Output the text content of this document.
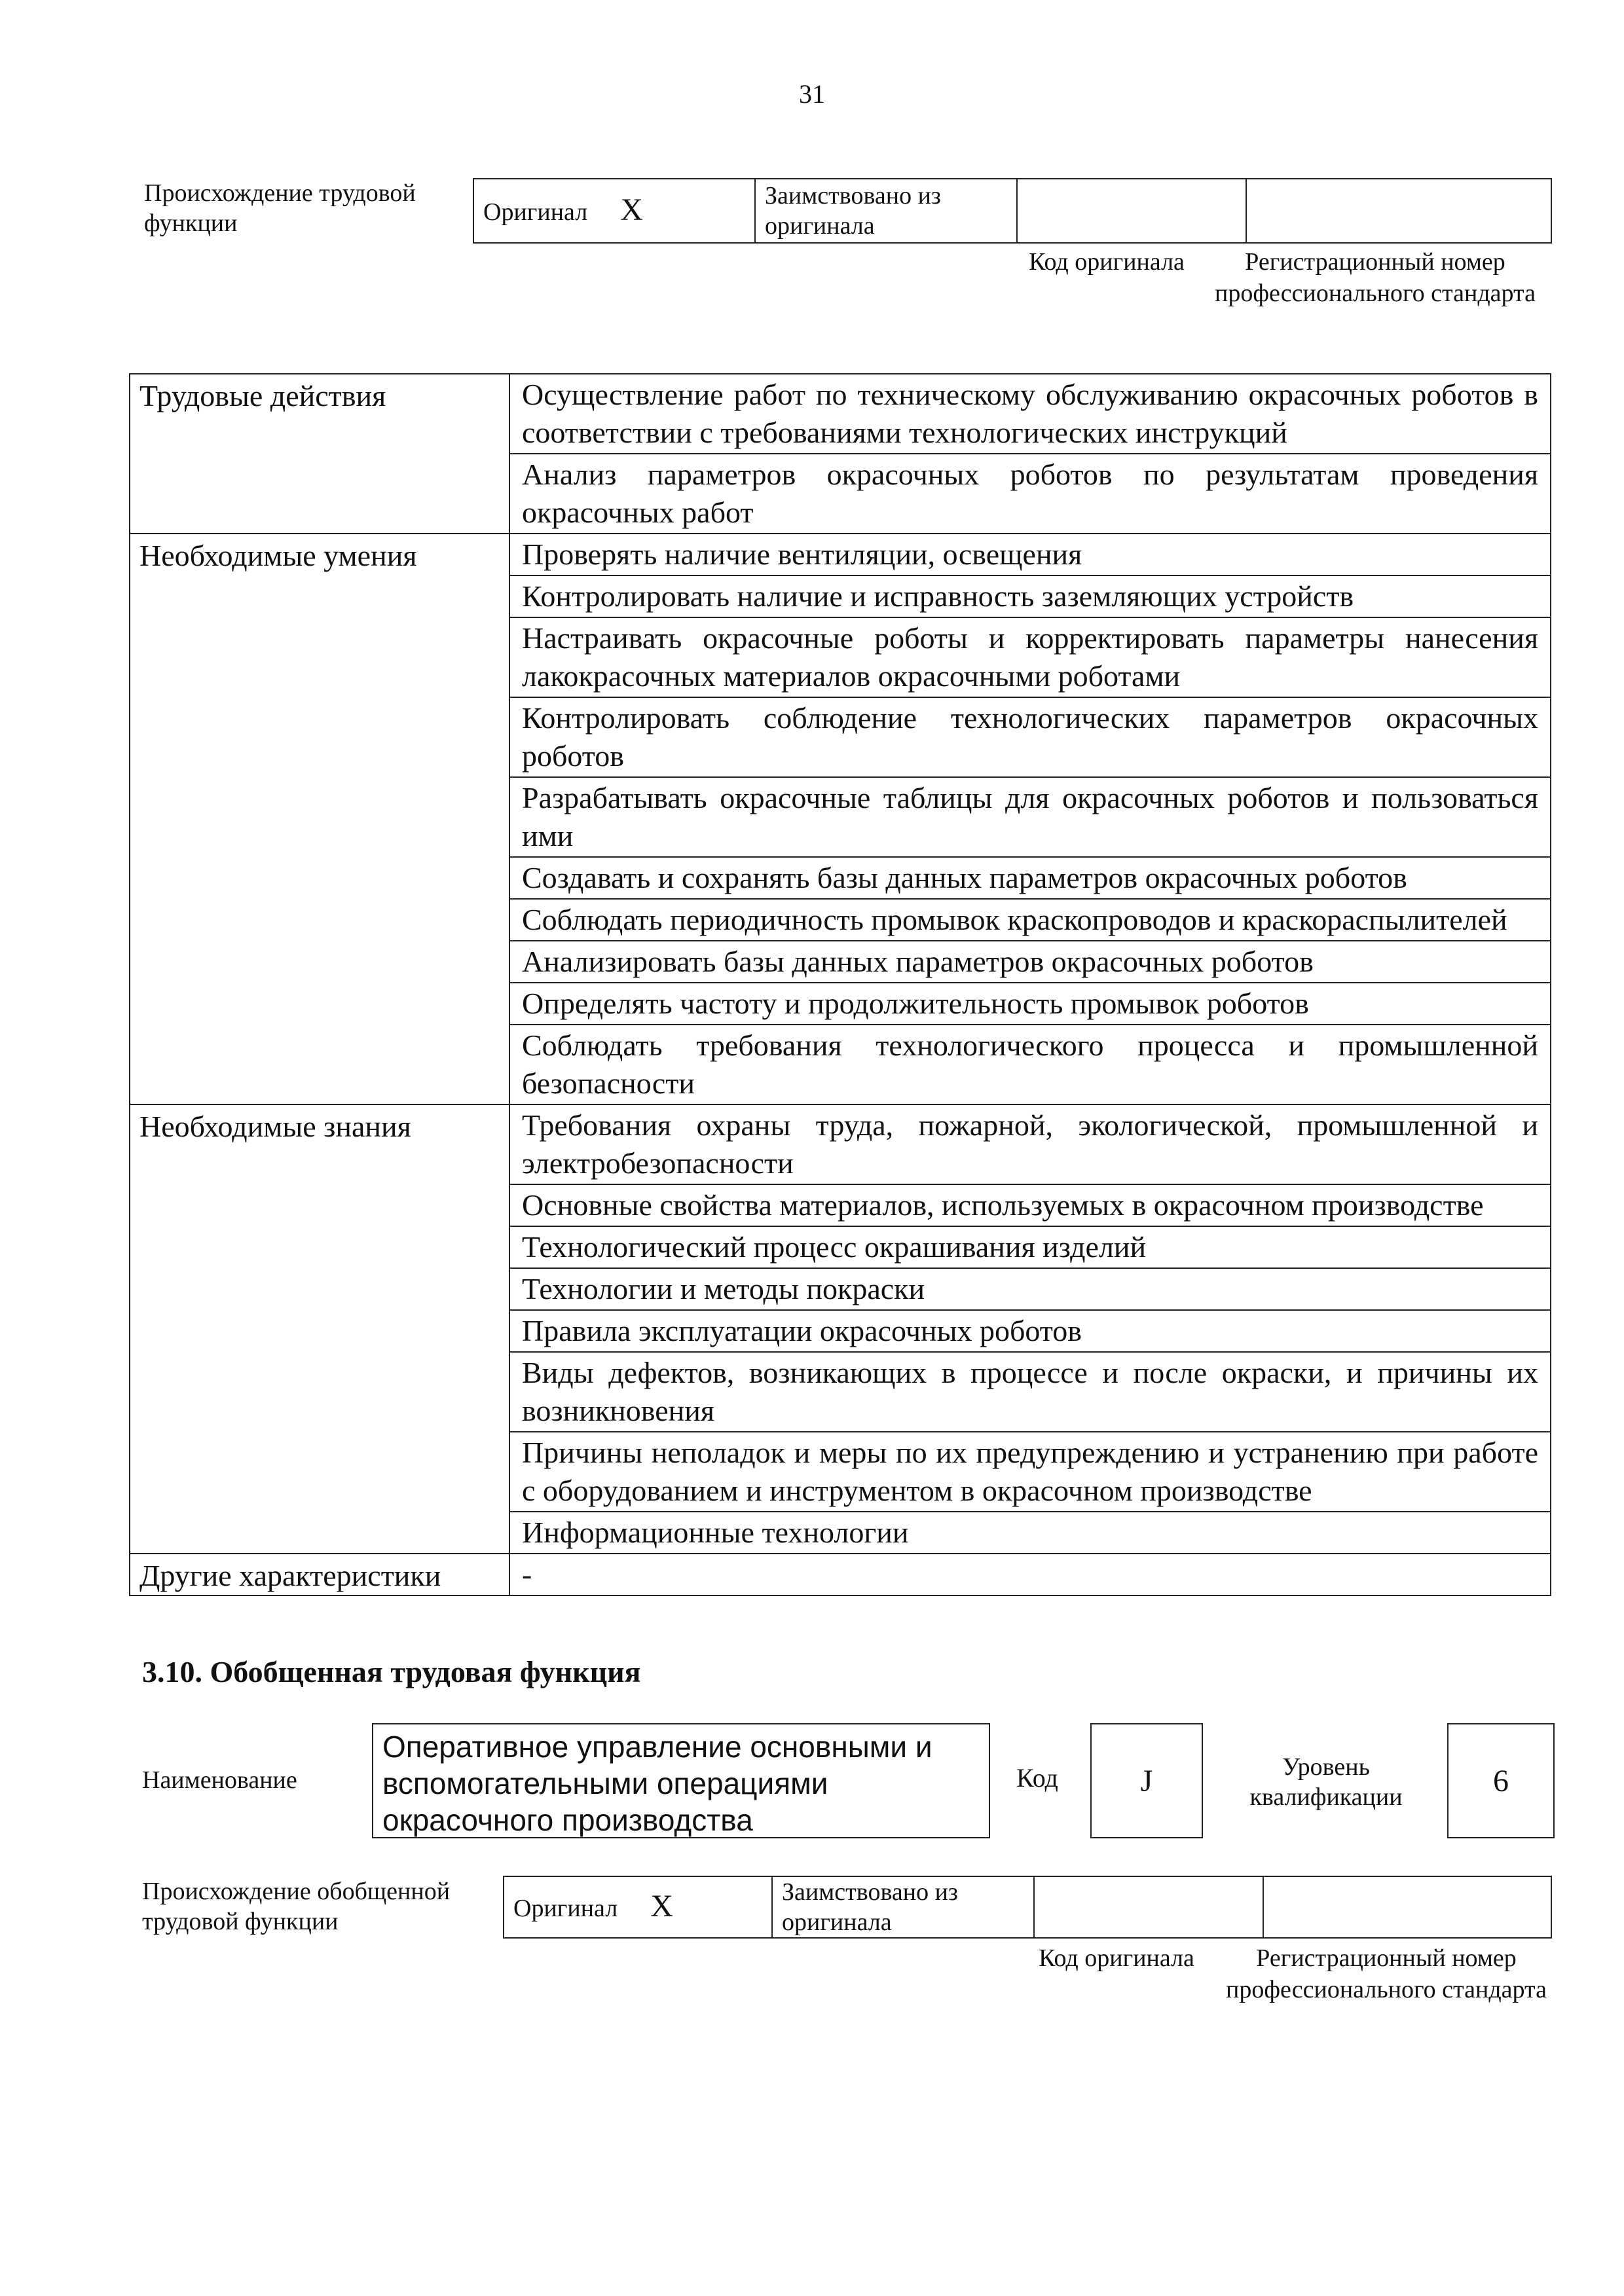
31
Происхождение трудовой функции	Оригинал X	Заимствовано из оригинала		
Код оригинала	Регистрационный номер профессионального стандарта
Трудовые действия	Осуществление работ по техническому обслуживанию окрасочных роботов в соответствии с требованиями технологических инструкций
	Анализ параметров окрасочных роботов по результатам проведения окрасочных работ
Необходимые умения	Проверять наличие вентиляции, освещения
	Контролировать наличие и исправность заземляющих устройств
	Настраивать окрасочные роботы и корректировать параметры нанесения лакокрасочных материалов окрасочными роботами
	Контролировать соблюдение технологических параметров окрасочных роботов
	Разрабатывать окрасочные таблицы для окрасочных роботов и пользоваться ими
	Создавать и сохранять базы данных параметров окрасочных роботов
	Соблюдать периодичность промывок краскопроводов и краскораспылителей
	Анализировать базы данных параметров окрасочных роботов
	Определять частоту и продолжительность промывок роботов
	Соблюдать требования технологического процесса и промышленной безопасности
Необходимые знания	Требования охраны труда, пожарной, экологической, промышленной и электробезопасности
	Основные свойства материалов, используемых в окрасочном производстве
	Технологический процесс окрашивания изделий
	Технологии и методы покраски
	Правила эксплуатации окрасочных роботов
	Виды дефектов, возникающих в процессе и после окраски, и причины их возникновения
	Причины неполадок и меры по их предупреждению и устранению при работе с оборудованием и инструментом в окрасочном производстве
	Информационные технологии
Другие характеристики	-
3.10. Обобщенная трудовая функция
Наименование
Оперативное управление основными и вспомогательными операциями окрасочного производства
Код	J	Уровень квалификации	6
Происхождение обобщенной трудовой функции	Оригинал X	Заимствовано из оригинала		
Код оригинала	Регистрационный номер профессионального стандарта
